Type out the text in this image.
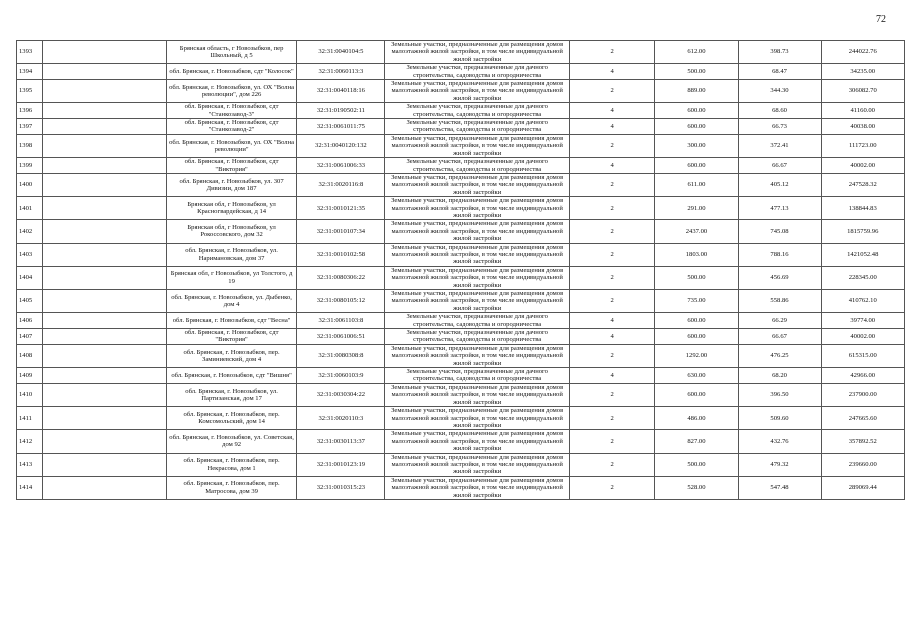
72
1393		Брянская область, г Новозыбков, пер Школьный, д 5	32:31:0040104:5	Земельные участки, предназначенные для размещения домов малоэтажной жилой застройки, в том числе индивидуальной жилой застройки	2	612.00	398.73	244022.76
1394		обл. Брянская, г. Новозыбков, сдт "Колосок"	32:31:0060113:3	Земельные участки, предназначенные для дачного строительства, садоводства и огородничества	4	500.00	68.47	34235.00
1395		обл. Брянская, г. Новозыбков, ул. ОХ "Волна революции", дом 226	32:31:0040118:16	Земельные участки, предназначенные для размещения домов малоэтажной жилой застройки, в том числе индивидуальной жилой застройки	2	889.00	344.30	306082.70
1396		обл. Брянская, г. Новозыбков, сдт "Станкозавод-3"	32:31:0190502:11	Земельные участки, предназначенные для дачного строительства, садоводства и огородничества	4	600.00	68.60	41160.00
1397		обл. Брянская, г. Новозыбков, сдт "Станкозавод-2"	32:31:0061011:75	Земельные участки, предназначенные для дачного строительства, садоводства и огородничества	4	600.00	66.73	40038.00
1398		обл. Брянская, г. Новозыбков, ул. ОХ "Волна революции"	32:31:0040120:132	Земельные участки, предназначенные для размещения домов малоэтажной жилой застройки, в том числе индивидуальной жилой застройки	2	300.00	372.41	111723.00
1399		обл. Брянская, г. Новозыбков, сдт "Виктория"	32:31:0061006:33	Земельные участки, предназначенные для дачного строительства, садоводства и огородничества	4	600.00	66.67	40002.00
1400		обл. Брянская, г. Новозыбков, ул. 307 Дивизии, дом 187	32:31:0020116:8	Земельные участки, предназначенные для размещения домов малоэтажной жилой застройки, в том числе индивидуальной жилой застройки	2	611.00	405.12	247528.32
1401		Брянская обл, г Новозыбков, ул Красногвардейская, д 14	32:31:0010121:35	Земельные участки, предназначенные для размещения домов малоэтажной жилой застройки, в том числе индивидуальной жилой застройки	2	291.00	477.13	138844.83
1402		Брянская обл, г Новозыбков, ул Рокоссовского, дом 32	32:31:0010107:34	Земельные участки, предназначенные для размещения домов малоэтажной жилой застройки, в том числе индивидуальной жилой застройки	2	2437.00	745.08	1815759.96
1403		обл. Брянская, г. Новозыбков, ул. Наримановская, дом 37	32:31:0010102:58	Земельные участки, предназначенные для размещения домов малоэтажной жилой застройки, в том числе индивидуальной жилой застройки	2	1803.00	788.16	1421052.48
1404		Брянская обл, г Новозыбков, ул Толстого, д 19	32:31:0080306:22	Земельные участки, предназначенные для размещения домов малоэтажной жилой застройки, в том числе индивидуальной жилой застройки	2	500.00	456.69	228345.00
1405		обл. Брянская, г. Новозыбков, ул. Дыбенко, дом 4	32:31:0080105:12	Земельные участки, предназначенные для размещения домов малоэтажной жилой застройки, в том числе индивидуальной жилой застройки	2	735.00	558.86	410762.10
1406		обл. Брянская, г. Новозыбков, сдт "Весна"	32:31:0061103:8	Земельные участки, предназначенные для дачного строительства, садоводства и огородничества	4	600.00	66.29	39774.00
1407		обл. Брянская, г. Новозыбков, сдт "Виктория"	32:31:0061006:51	Земельные участки, предназначенные для дачного строительства, садоводства и огородничества	4	600.00	66.67	40002.00
1408		обл. Брянская, г. Новозыбков, пер. Заминиевский, дом 4	32:31:0080308:8	Земельные участки, предназначенные для размещения домов малоэтажной жилой застройки, в том числе индивидуальной жилой застройки	2	1292.00	476.25	615315.00
1409		обл. Брянская, г. Новозыбков, сдт "Вишня"	32:31:0060103:9	Земельные участки, предназначенные для дачного строительства, садоводства и огородничества	4	630.00	68.20	42966.00
1410		обл. Брянская, г. Новозыбков, ул. Партизанская, дом 17	32:31:0030304:22	Земельные участки, предназначенные для размещения домов малоэтажной жилой застройки, в том числе индивидуальной жилой застройки	2	600.00	396.50	237900.00
1411		обл. Брянская, г. Новозыбков, пер. Комсомольский, дом 14	32:31:0020110:3	Земельные участки, предназначенные для размещения домов малоэтажной жилой застройки, в том числе индивидуальной жилой застройки	2	486.00	509.60	247665.60
1412		обл. Брянская, г. Новозыбков, ул. Советская, дом 92	32:31:0030113:37	Земельные участки, предназначенные для размещения домов малоэтажной жилой застройки, в том числе индивидуальной жилой застройки	2	827.00	432.76	357892.52
1413		обл. Брянская, г. Новозыбков, пер. Некрасова, дом 1	32:31:0010123:19	Земельные участки, предназначенные для размещения домов малоэтажной жилой застройки, в том числе индивидуальной жилой застройки	2	500.00	479.32	239660.00
1414		обл. Брянская, г. Новозыбков, пер. Матросова, дом 39	32:31:0010315:23	Земельные участки, предназначенные для размещения домов малоэтажной жилой застройки, в том числе индивидуальной жилой застройки	2	528.00	547.48	289069.44
